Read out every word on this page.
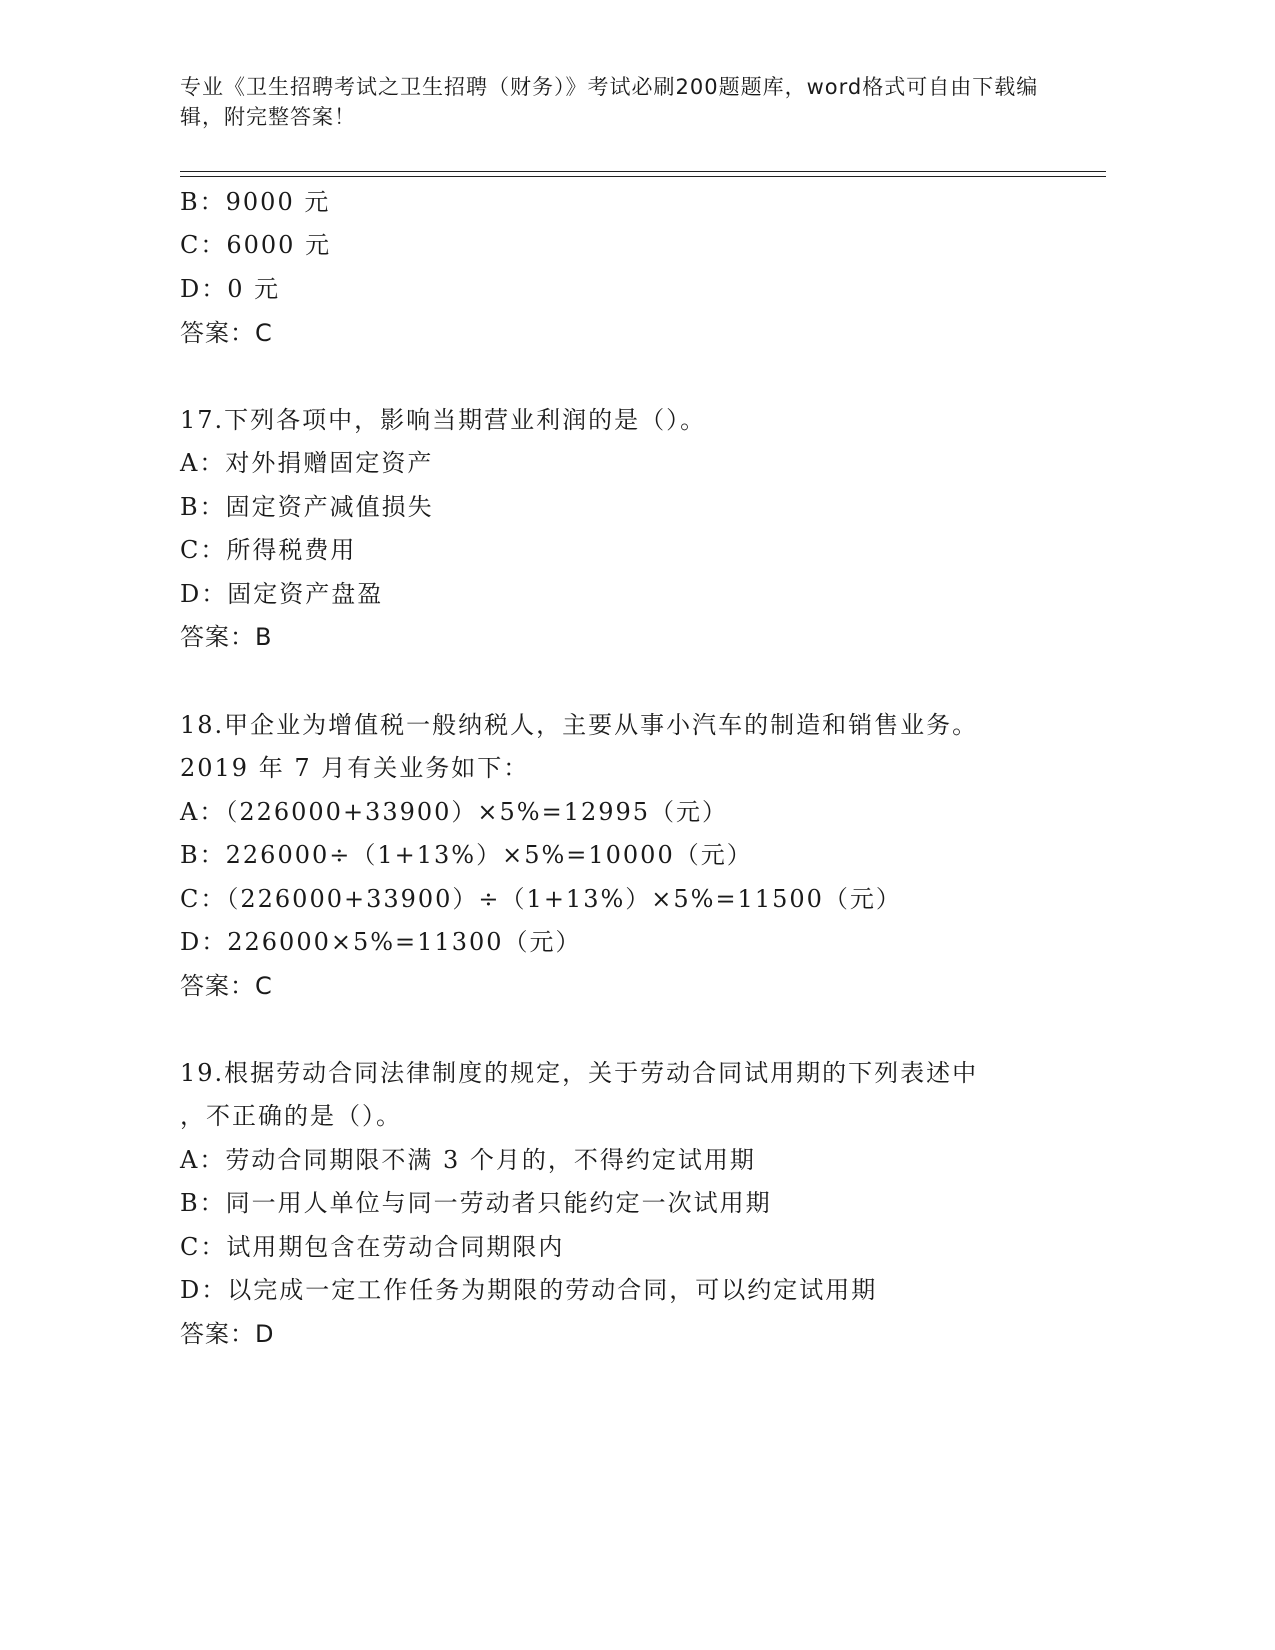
专业《卫生招聘考试之卫生招聘（财务）》考试必刷200题题库，word格式可自由下载编辑，附完整答案！
B：9000 元
C：6000 元
D：0 元
答案：C
17.下列各项中，影响当期营业利润的是（）。
A：对外捐赠固定资产
B：固定资产减值损失
C：所得税费用
D：固定资产盘盈
答案：B
18.甲企业为增值税一般纳税人，主要从事小汽车的制造和销售业务。
2019 年 7 月有关业务如下：
A：（226000+33900）×5%=12995（元）
B：226000÷（1+13%）×5%=10000（元）
C：（226000+33900）÷（1+13%）×5%=11500（元）
D：226000×5%=11300（元）
答案：C
19.根据劳动合同法律制度的规定，关于劳动合同试用期的下列表述中
，不正确的是（）。
A：劳动合同期限不满 3 个月的，不得约定试用期
B：同一用人单位与同一劳动者只能约定一次试用期
C：试用期包含在劳动合同期限内
D：以完成一定工作任务为期限的劳动合同，可以约定试用期
答案：D
